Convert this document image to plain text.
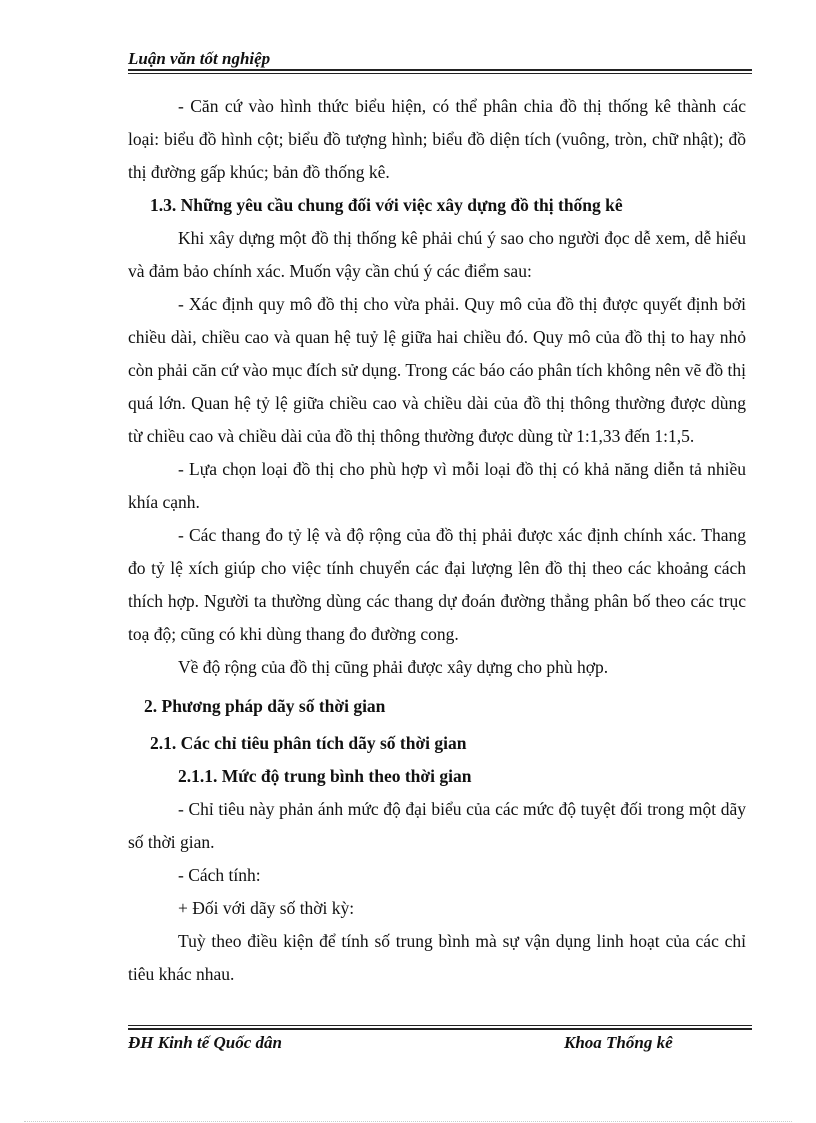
Luận văn tốt nghiệp

- Căn cứ vào hình thức biểu hiện, có thể phân chia đồ thị thống kê thành các loại: biểu đồ hình cột; biểu đồ tượng hình; biểu đồ diện tích (vuông, tròn, chữ nhật); đồ thị đường gấp khúc; bản đồ thống kê.

1.3. Những yêu cầu chung đối với việc xây dựng đồ thị thống kê

Khi xây dựng một đồ thị thống kê phải chú ý sao cho người đọc dễ xem, dễ hiểu và đảm bảo chính xác. Muốn vậy cần chú ý các điểm sau:

- Xác định quy mô đồ thị cho vừa phải. Quy mô của đồ thị được quyết định bởi chiều dài, chiều cao và quan hệ tuỷ lệ giữa hai chiều đó. Quy mô của đồ thị to hay nhỏ còn phải căn cứ vào mục đích sử dụng. Trong các báo cáo phân tích không nên vẽ đồ thị quá lớn. Quan hệ tỷ lệ giữa chiều cao và chiều dài của đồ thị thông thường được dùng từ chiều cao và chiều dài của đồ thị thông thường được dùng từ 1:1,33 đến 1:1,5.

- Lựa chọn loại đồ thị cho phù hợp vì mỗi loại đồ thị có khả năng diễn tả nhiều khía cạnh.

- Các thang đo tỷ lệ và độ rộng của đồ thị phải được xác định chính xác. Thang đo tỷ lệ xích giúp cho việc tính chuyển các đại lượng lên đồ thị theo các khoảng cách thích hợp. Người ta thường dùng các thang dự đoán đường thẳng phân bố theo các trục toạ độ; cũng có khi dùng thang đo đường cong.

Về độ rộng của đồ thị cũng phải được xây dựng cho phù hợp.

2. Phương pháp dãy số thời gian

2.1. Các chỉ tiêu phân tích dãy số thời gian

2.1.1. Mức độ trung bình theo thời gian

- Chỉ tiêu này phản ánh mức độ đại biểu của các mức độ tuyệt đối trong một dãy số thời gian.

- Cách tính:

+ Đối với dãy số thời kỳ:

Tuỳ theo điều kiện để tính số trung bình mà sự vận dụng linh hoạt của các chỉ tiêu khác nhau.

ĐH Kinh tế Quốc dân	Khoa Thống kê
